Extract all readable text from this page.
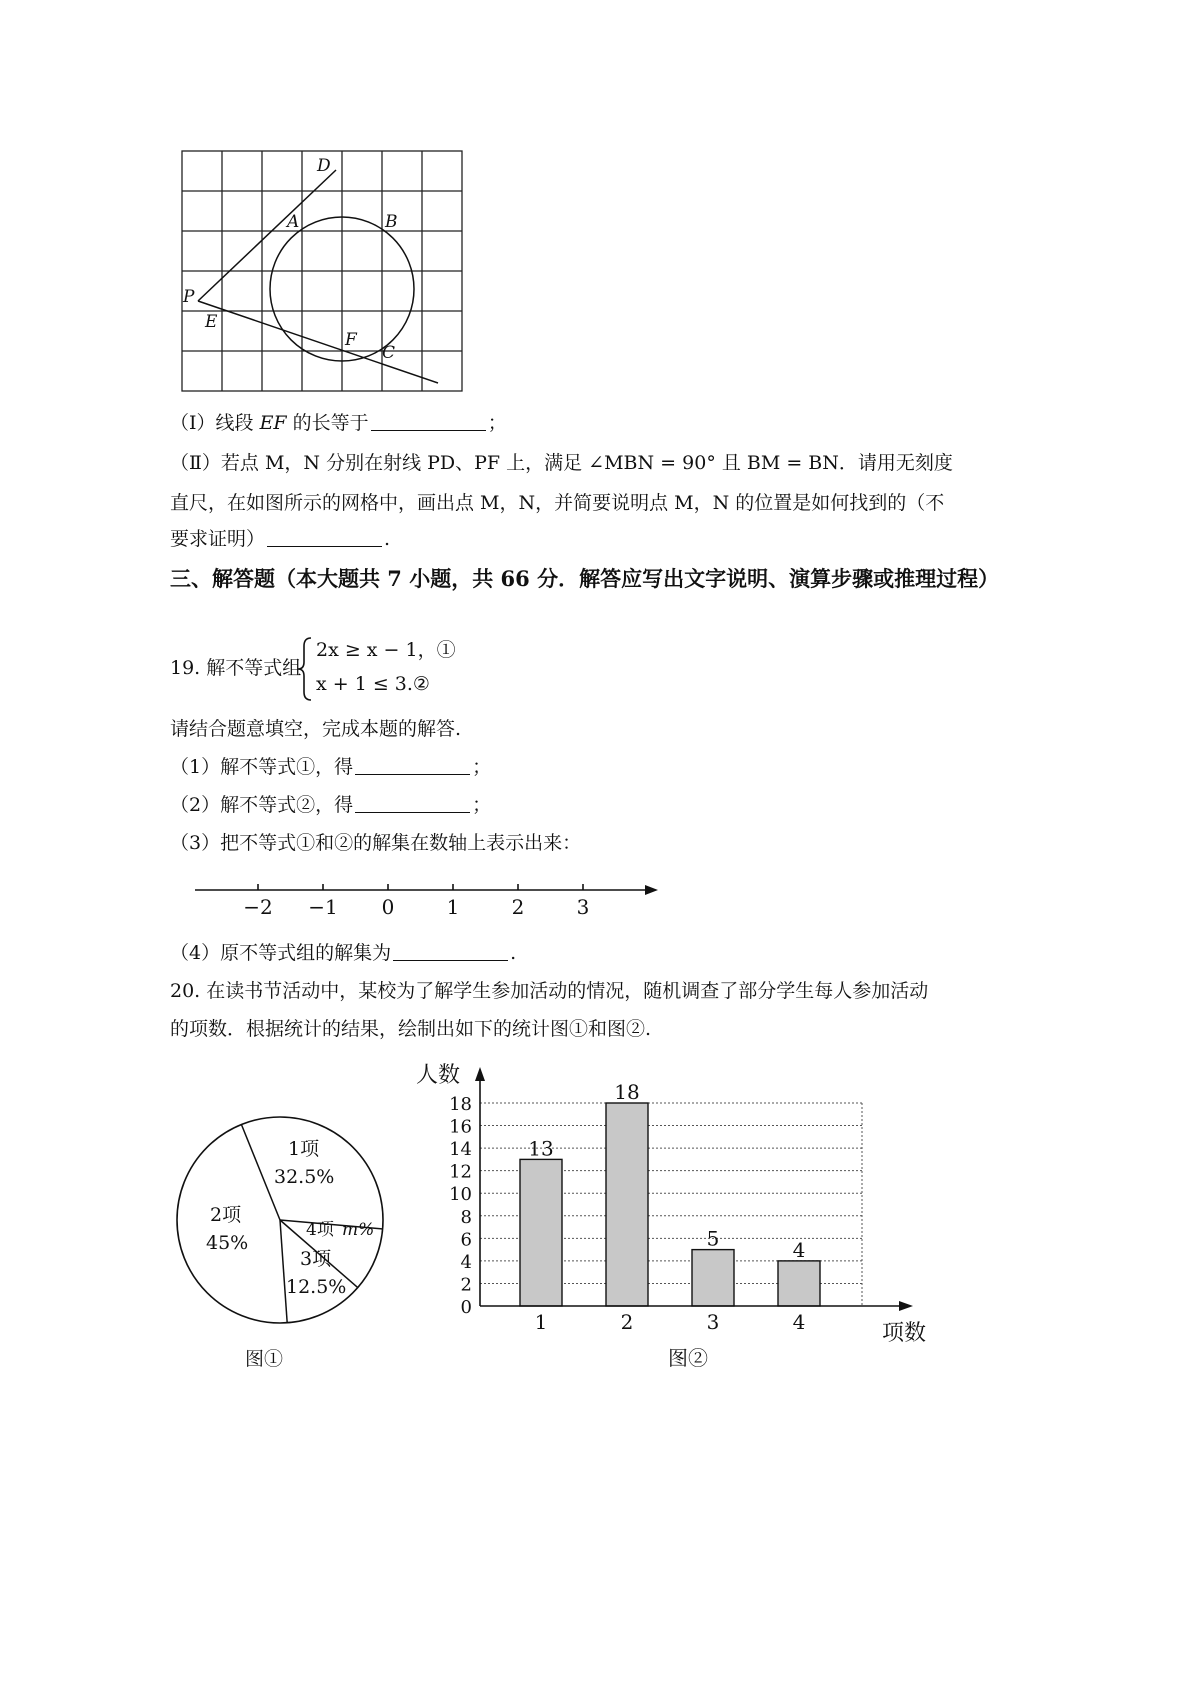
D
A	B
P
E
F
C
（Ⅰ）线段 EF 的长等于	；
（Ⅱ）若点 M，N 分别在射线 PD、PF 上，满足 ∠MBN = 90° 且 BM = BN．请用无刻度
直尺，在如图所示的网格中，画出点 M，N，并简要说明点 M，N 的位置是如何找到的（不
要求证明）	.
三、解答题（本大题共 7 小题，共 66 分．解答应写出文字说明、演算步骤或推理过程）
19. 解不等式组
2x ≥ x − 1，①
x + 1 ≤ 3.②
请结合题意填空，完成本题的解答.
（1）解不等式①，得	；
（2）解不等式②，得	；
（3）把不等式①和②的解集在数轴上表示出来：
−2 −1 0	1	2	3
（4）原不等式组的解集为	.
20. 在读书节活动中，某校为了解学生参加活动的情况，随机调查了部分学生每人参加活动
的项数．根据统计的结果，绘制出如下的统计图①和图②.
1项
32.5%
2项
45%
4项 m%
3项
12.5%
图①
13
18
5	4
0
2
4
6
8
10
12
14
16
18
1	2	3	4
人数
项数
图②
